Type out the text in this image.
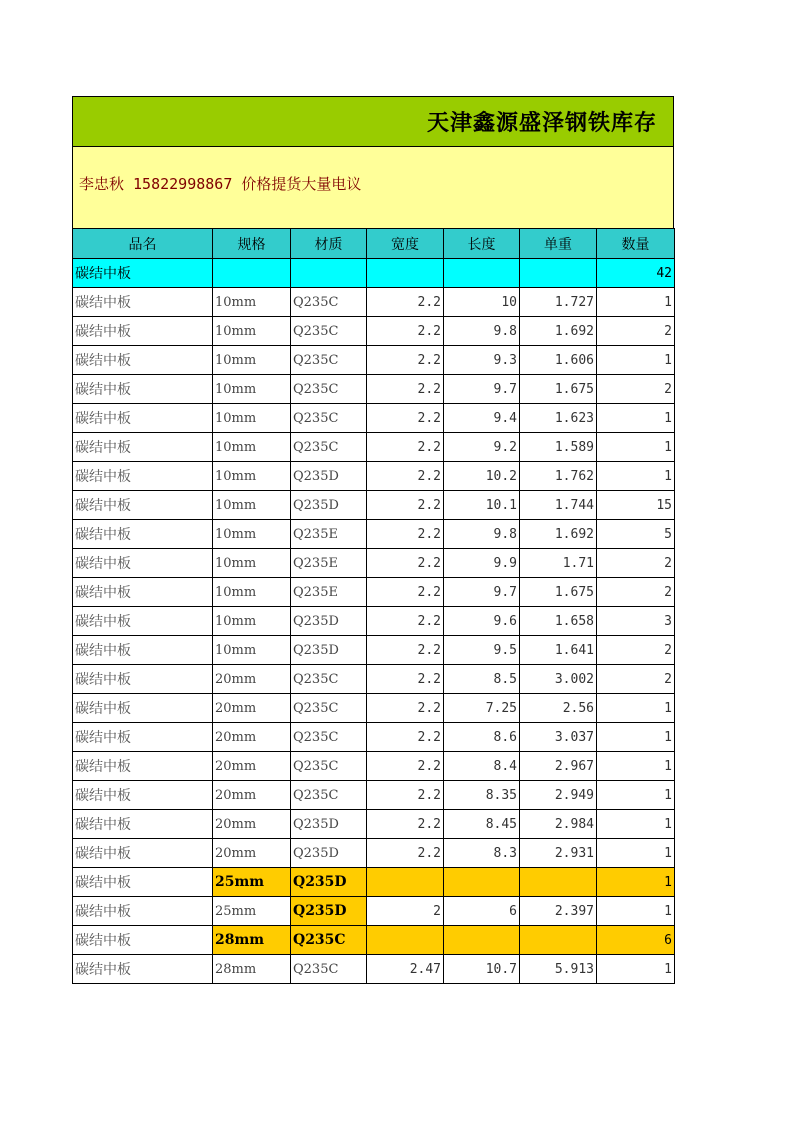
天津鑫源盛泽钢铁库存
李忠秋 15822998867 价格提货大量电议
品名	规格	材质	宽度	长度	单重	数量
碳结中板						42
碳结中板	10mm	Q235C	2.2	10	1.727	1
碳结中板	10mm	Q235C	2.2	9.8	1.692	2
碳结中板	10mm	Q235C	2.2	9.3	1.606	1
碳结中板	10mm	Q235C	2.2	9.7	1.675	2
碳结中板	10mm	Q235C	2.2	9.4	1.623	1
碳结中板	10mm	Q235C	2.2	9.2	1.589	1
碳结中板	10mm	Q235D	2.2	10.2	1.762	1
碳结中板	10mm	Q235D	2.2	10.1	1.744	15
碳结中板	10mm	Q235E	2.2	9.8	1.692	5
碳结中板	10mm	Q235E	2.2	9.9	1.71	2
碳结中板	10mm	Q235E	2.2	9.7	1.675	2
碳结中板	10mm	Q235D	2.2	9.6	1.658	3
碳结中板	10mm	Q235D	2.2	9.5	1.641	2
碳结中板	20mm	Q235C	2.2	8.5	3.002	2
碳结中板	20mm	Q235C	2.2	7.25	2.56	1
碳结中板	20mm	Q235C	2.2	8.6	3.037	1
碳结中板	20mm	Q235C	2.2	8.4	2.967	1
碳结中板	20mm	Q235C	2.2	8.35	2.949	1
碳结中板	20mm	Q235D	2.2	8.45	2.984	1
碳结中板	20mm	Q235D	2.2	8.3	2.931	1
碳结中板	25mm	Q235D				1
碳结中板	25mm	Q235D	2	6	2.397	1
碳结中板	28mm	Q235C				6
碳结中板	28mm	Q235C	2.47	10.7	5.913	1
